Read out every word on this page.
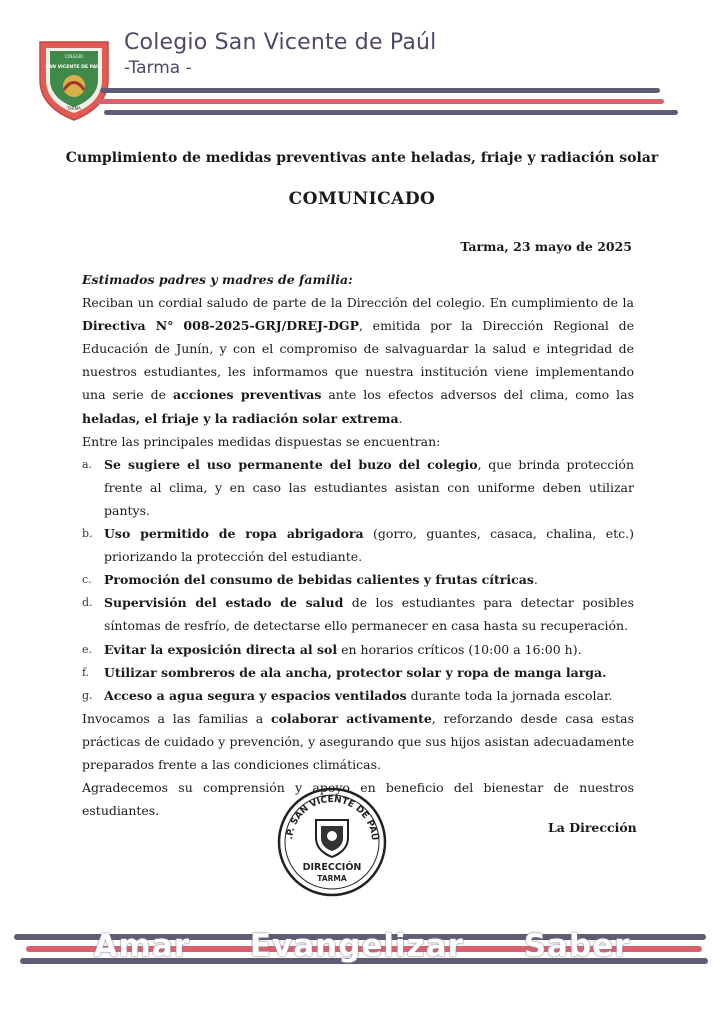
COLEGIO
SAN VICENTE DE PAÚL
TARMA
Colegio San Vicente de Paúl
-Tarma -
Cumplimiento de medidas preventivas ante heladas, friaje y radiación solar
COMUNICADO
Tarma, 23 mayo de 2025

Estimados padres y madres de familia:

Reciban un cordial saludo de parte de la Dirección del colegio. En cumplimiento de la Directiva N° 008-2025-GRJ/DREJ-DGP, emitida por la Dirección Regional de Educación de Junín, y con el compromiso de salvaguardar la salud e integridad de nuestros estudiantes, les informamos que nuestra institución viene implementando una serie de acciones preventivas ante los efectos adversos del clima, como las heladas, el friaje y la radiación solar extrema.

Entre las principales medidas dispuestas se encuentran:

a. Se sugiere el uso permanente del buzo del colegio, que brinda protección frente al clima, y en caso las estudiantes asistan con uniforme deben utilizar pantys.
b. Uso permitido de ropa abrigadora (gorro, guantes, casaca, chalina, etc.) priorizando la protección del estudiante.
c. Promoción del consumo de bebidas calientes y frutas cítricas.
d. Supervisión del estado de salud de los estudiantes para detectar posibles síntomas de resfrío, de detectarse ello permanecer en casa hasta su recuperación.
e. Evitar la exposición directa al sol en horarios críticos (10:00 a 16:00 h).
f.	Utilizar sombreros de ala ancha, protector solar y ropa de manga larga.
g. Acceso a agua segura y espacios ventilados durante toda la jornada escolar.

Invocamos a las familias a colaborar activamente, reforzando desde casa estas prácticas de cuidado y prevención, y asegurando que sus hijos asistan adecuadamente preparados frente a las condiciones climáticas.

Agradecemos su comprensión y apoyo en beneficio del bienestar de nuestros estudiantes.

.P. SAN VICENTE DE PAÚ
DIRECCIÓN
TARMA
La Dirección
Amar Evangelizar Saber
